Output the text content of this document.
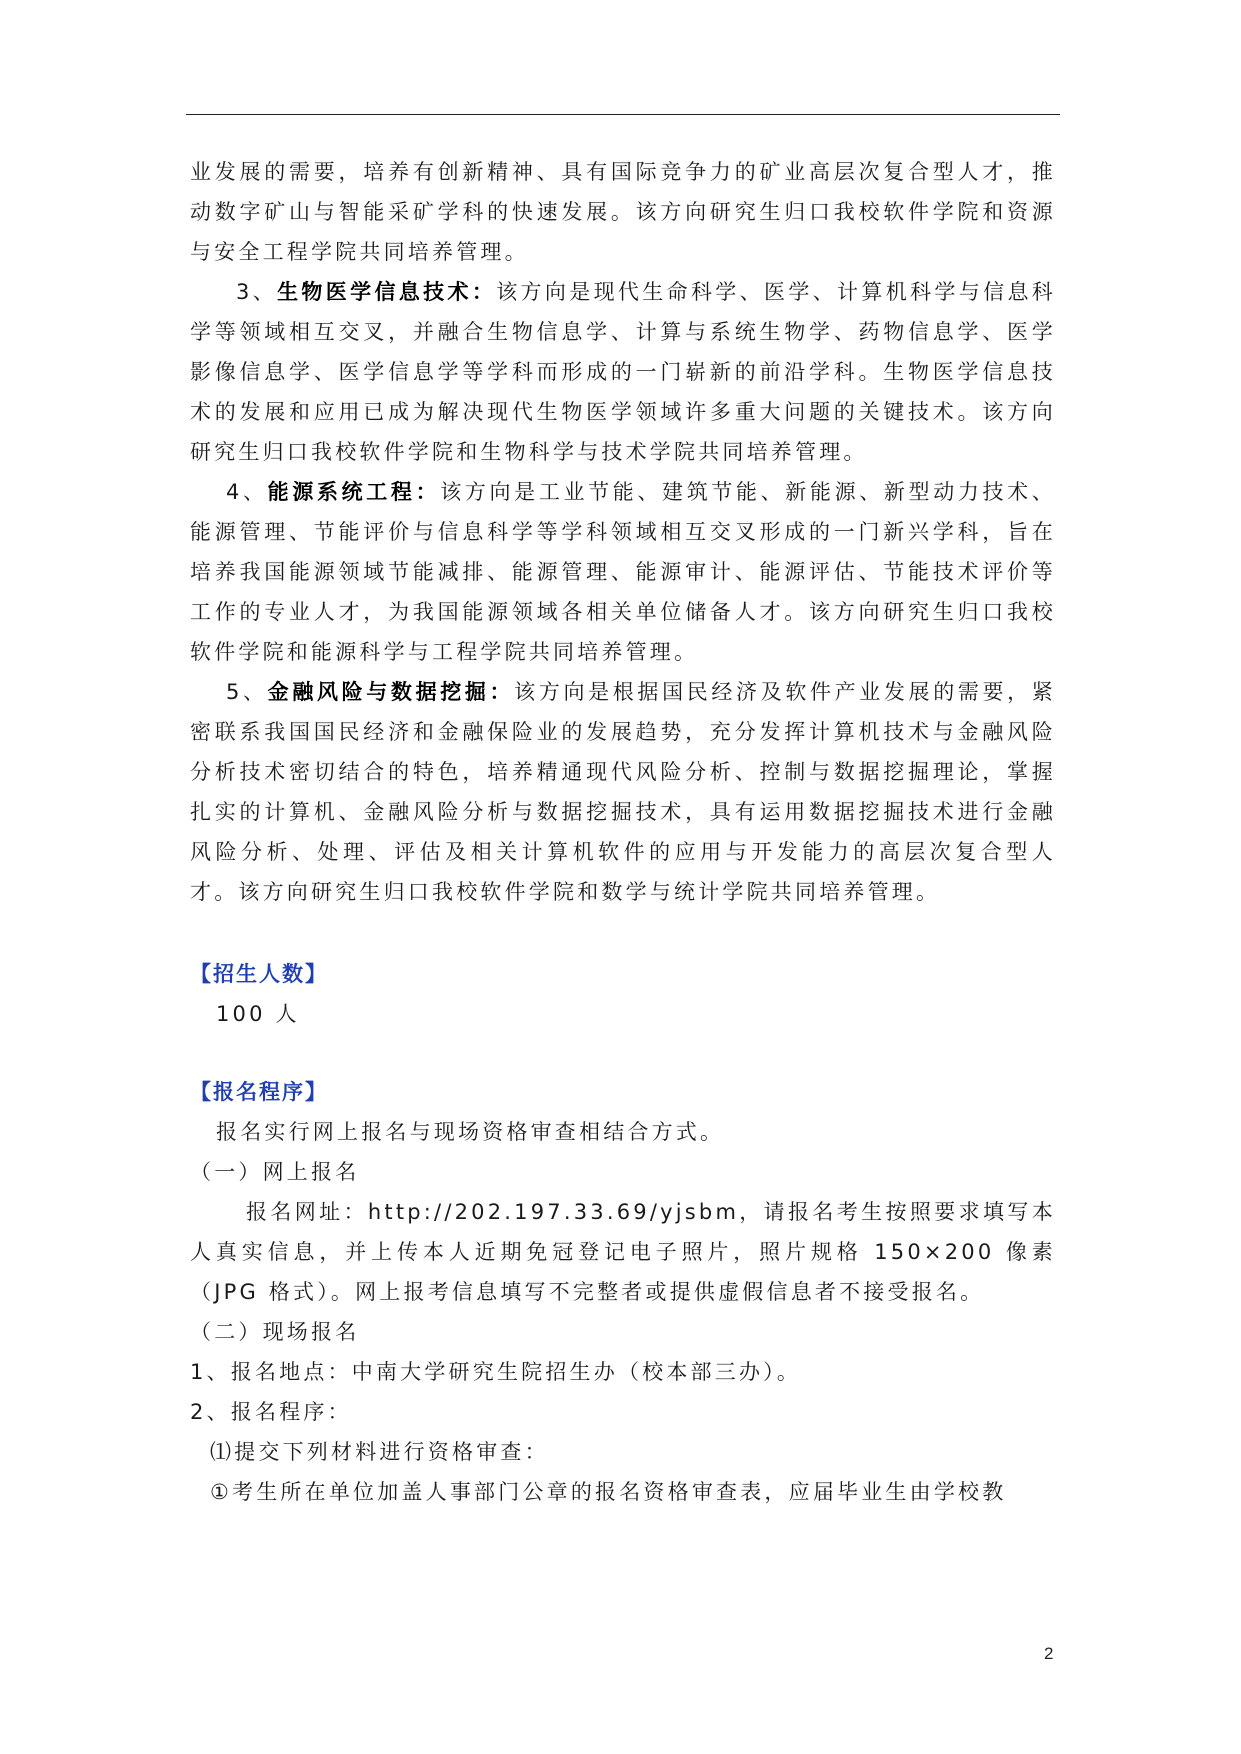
业发展的需要，培养有创新精神、具有国际竞争力的矿业高层次复合型人才，推动数字矿山与智能采矿学科的快速发展。该方向研究生归口我校软件学院和资源与安全工程学院共同培养管理。

3、生物医学信息技术：该方向是现代生命科学、医学、计算机科学与信息科学等领域相互交叉，并融合生物信息学、计算与系统生物学、药物信息学、医学影像信息学、医学信息学等学科而形成的一门崭新的前沿学科。生物医学信息技术的发展和应用已成为解决现代生物医学领域许多重大问题的关键技术。该方向研究生归口我校软件学院和生物科学与技术学院共同培养管理。

4、能源系统工程：该方向是工业节能、建筑节能、新能源、新型动力技术、能源管理、节能评价与信息科学等学科领域相互交叉形成的一门新兴学科，旨在培养我国能源领域节能减排、能源管理、能源审计、能源评估、节能技术评价等工作的专业人才，为我国能源领域各相关单位储备人才。该方向研究生归口我校软件学院和能源科学与工程学院共同培养管理。

5、金融风险与数据挖掘：该方向是根据国民经济及软件产业发展的需要，紧密联系我国国民经济和金融保险业的发展趋势，充分发挥计算机技术与金融风险分析技术密切结合的特色，培养精通现代风险分析、控制与数据挖掘理论，掌握扎实的计算机、金融风险分析与数据挖掘技术，具有运用数据挖掘技术进行金融风险分析、处理、评估及相关计算机软件的应用与开发能力的高层次复合型人才。该方向研究生归口我校软件学院和数学与统计学院共同培养管理。

【招生人数】

100 人

【报名程序】

报名实行网上报名与现场资格审查相结合方式。

（一）网上报名

报名网址：http://202.197.33.69/yjsbm，请报名考生按照要求填写本人真实信息，并上传本人近期免冠登记电子照片，照片规格 150×200 像素（JPG 格式）。网上报考信息填写不完整者或提供虚假信息者不接受报名。

（二）现场报名

1、报名地点：中南大学研究生院招生办（校本部三办）。

2、报名程序：

⑴提交下列材料进行资格审查：

①考生所在单位加盖人事部门公章的报名资格审查表，应届毕业生由学校教

2
